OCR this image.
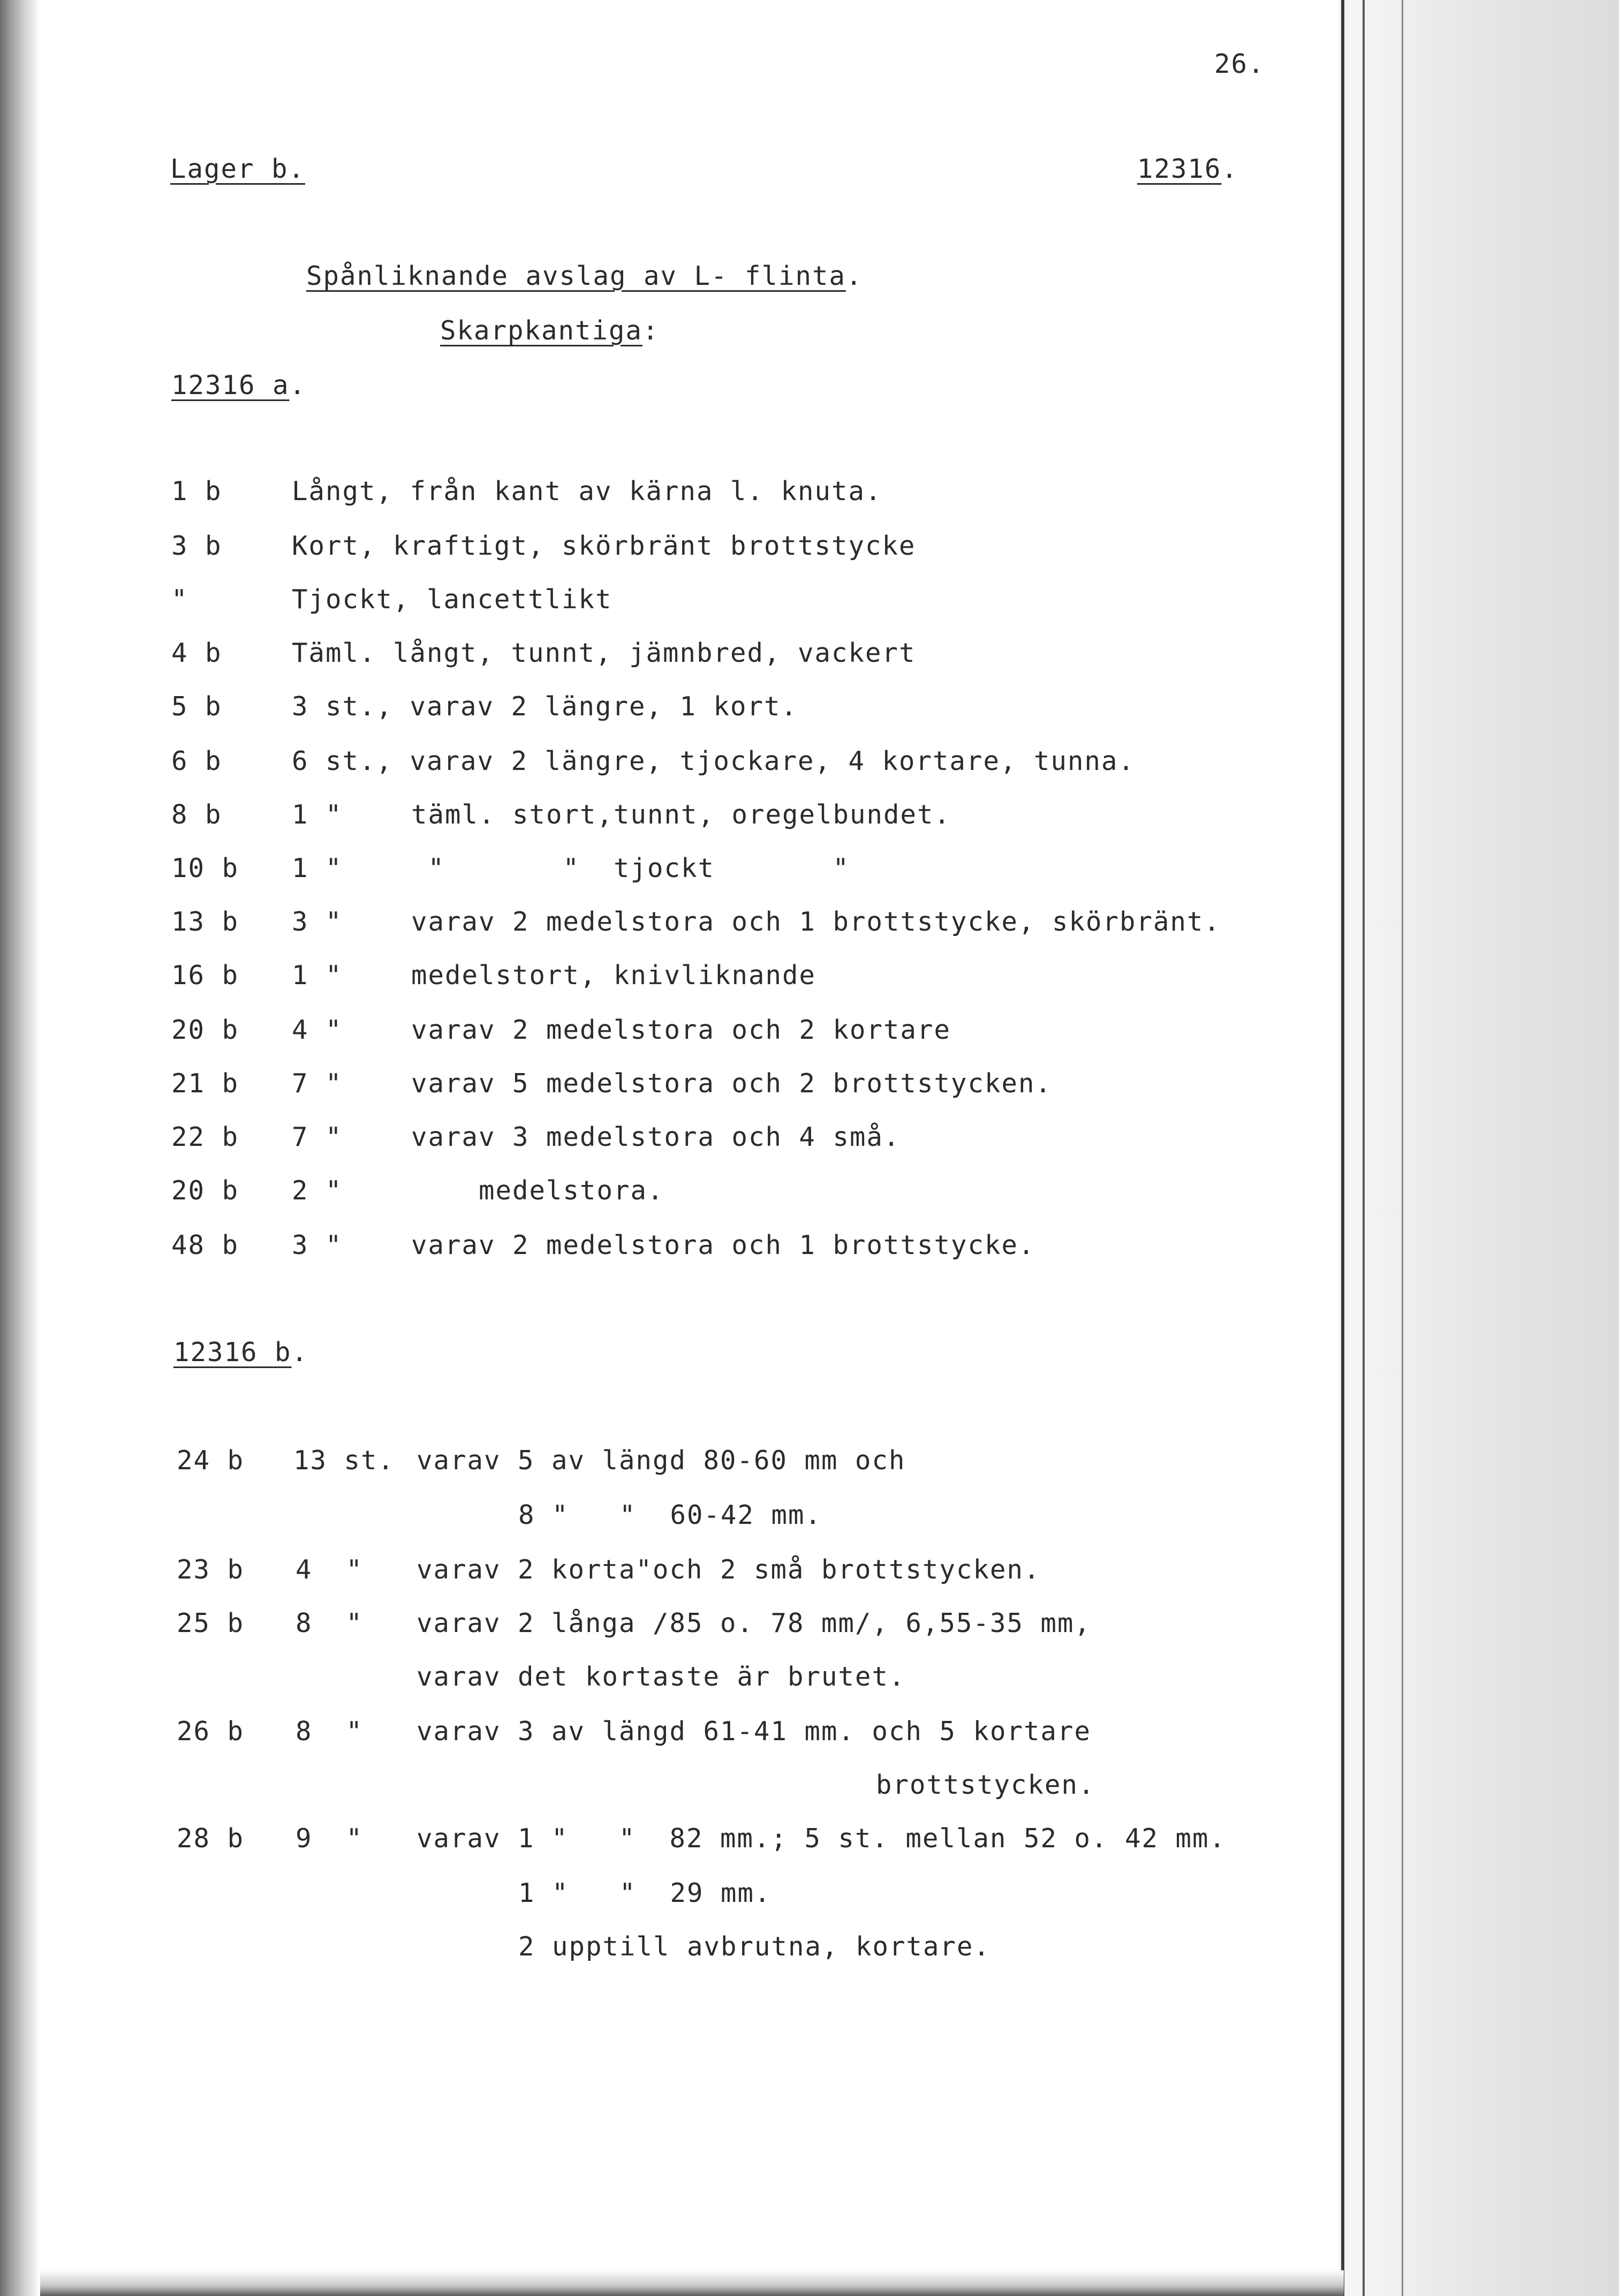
26.
Lager b.	12316.
Spånliknande avslag av L- flinta.
Skarpkantiga:
12316 a.
1 b	Långt, från kant av kärna l. knuta.
3 b	Kort, kraftigt, skörbränt brottstycke
"	Tjockt, lancettlikt
4 b	Täml. långt, tunnt, jämnbred, vackert
5 b	3 st., varav 2 längre, 1 kort.
6 b	6 st., varav 2 längre, tjockare, 4 kortare, tunna.
8 b	1 "	täml. stort,tunnt, oregelbundet.
10 b 1 "	"       "  tjockt       "
13 b 3 "	varav 2 medelstora och 1 brottstycke, skörbränt.
16 b 1 "	medelstort, knivliknande
20 b 4 "	varav 2 medelstora och 2 kortare
21 b 7 "	varav 5 medelstora och 2 brottstycken.
22 b 7 "	varav 3 medelstora och 4 små.
20 b 2 "	medelstora.
48 b 3 "	varav 2 medelstora och 1 brottstycke.
12316 b.
24 b 13 st. varav 5 av längd 80-60 mm och
8 "   "  60-42 mm.
23 b 4  " varav 2 korta"och 2 små brottstycken.
25 b 8  " varav 2 långa /85 o. 78 mm/, 6,55-35 mm,
varav det kortaste är brutet.
26 b 8  " varav 3 av längd 61-41 mm. och 5 kortare
brottstycken.
28 b 9  " varav 1 "   "  82 mm.; 5 st. mellan 52 o. 42 mm.
1 "   "  29 mm.
2 upptill avbrutna, kortare.
